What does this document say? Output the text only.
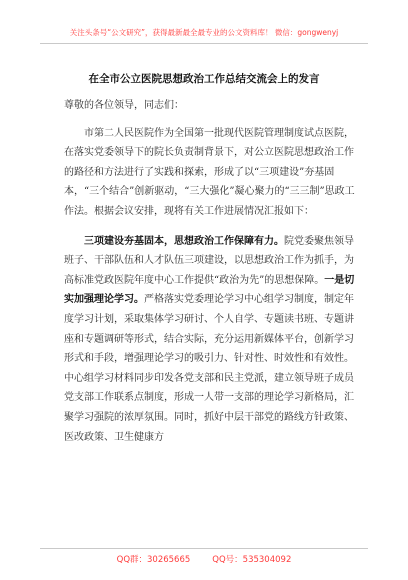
关注头条号“公文研究”，获得最新最全最专业的公文资料库！ 微信：gongwenyj
在全市公立医院思想政治工作总结交流会上的发言

尊敬的各位领导，同志们：

市第二人民医院作为全国第一批现代医院管理制度试点医院，在落实党委领导下的院长负责制背景下，对公立医院思想政治工作的路径和方法进行了实践和探索，形成了以“三项建设”夯基固本，“三个结合”创新驱动，“三大强化”凝心聚力的“三三制”思政工作法。根据会议安排，现将有关工作进展情况汇报如下：

三项建设夯基固本，思想政治工作保障有力。院党委聚焦领导班子、干部队伍和人才队伍三项建设，以思想政治工作为抓手，为高标准党政医院年度中心工作提供“政治为先”的思想保障。一是切实加强理论学习。严格落实党委理论学习中心组学习制度，制定年度学习计划，采取集体学习研讨、个人自学、专题读书班、专题讲座和专题调研等形式，结合实际，充分运用新媒体平台，创新学习形式和手段，增强理论学习的吸引力、针对性、时效性和有效性。中心组学习材料同步印发各党支部和民主党派，建立领导班子成员党支部工作联系点制度，形成一人带一支部的理论学习新格局，汇聚学习强院的浓厚氛围。同时，抓好中层干部党的路线方针政策、医改政策、卫生健康方

QQ群：30265665	QQ号：535304092
